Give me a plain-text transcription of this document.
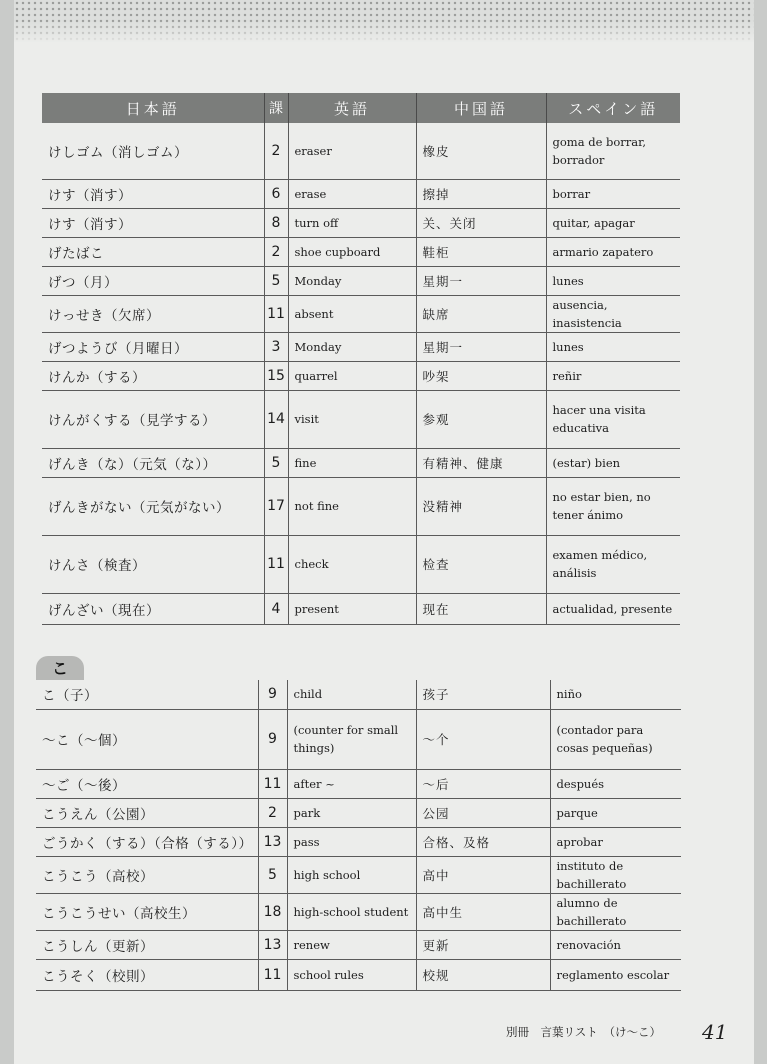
日本語	課	英語	中国語	スペイン語
けしゴム（消しゴム）	2	eraser	橡皮	goma de borrar, borrador
けす（消す）	6	erase	擦掉	borrar
けす（消す）	8	turn off	关、关闭	quitar, apagar
げたばこ	2	shoe cupboard	鞋柜	armario zapatero
げつ（月）	5	Monday	星期一	lunes
けっせき（欠席）	11	absent	缺席	ausencia, inasistencia
げつようび（月曜日）	3	Monday	星期一	lunes
けんか（する）	15	quarrel	吵架	reñir
けんがくする（見学する）	14	visit	参观	hacer una visita educativa
げんき（な）（元気（な））	5	fine	有精神、健康	(estar) bien
げんきがない（元気がない）	17	not fine	没精神	no estar bien, no tener ánimo
けんさ（検査）	11	check	检查	examen médico, análisis
げんざい（現在）	4	present	现在	actualidad, presente
こ
こ（子）	9	child	孩子	niño
～こ（～個）	9	(counter for small things)	～个	(contador para cosas pequeñas)
～ご（～後）	11	after ~	～后	después
こうえん（公園）	2	park	公园	parque
ごうかく（する）（合格（する））	13	pass	合格、及格	aprobar
こうこう（高校）	5	high school	高中	instituto de bachillerato
こうこうせい（高校生）	18	high-school student	高中生	alumno de bachillerato
こうしん（更新）	13	renew	更新	renovación
こうそく（校則）	11	school rules	校规	reglamento escolar
別冊　言葉リスト　（け～こ） 41
